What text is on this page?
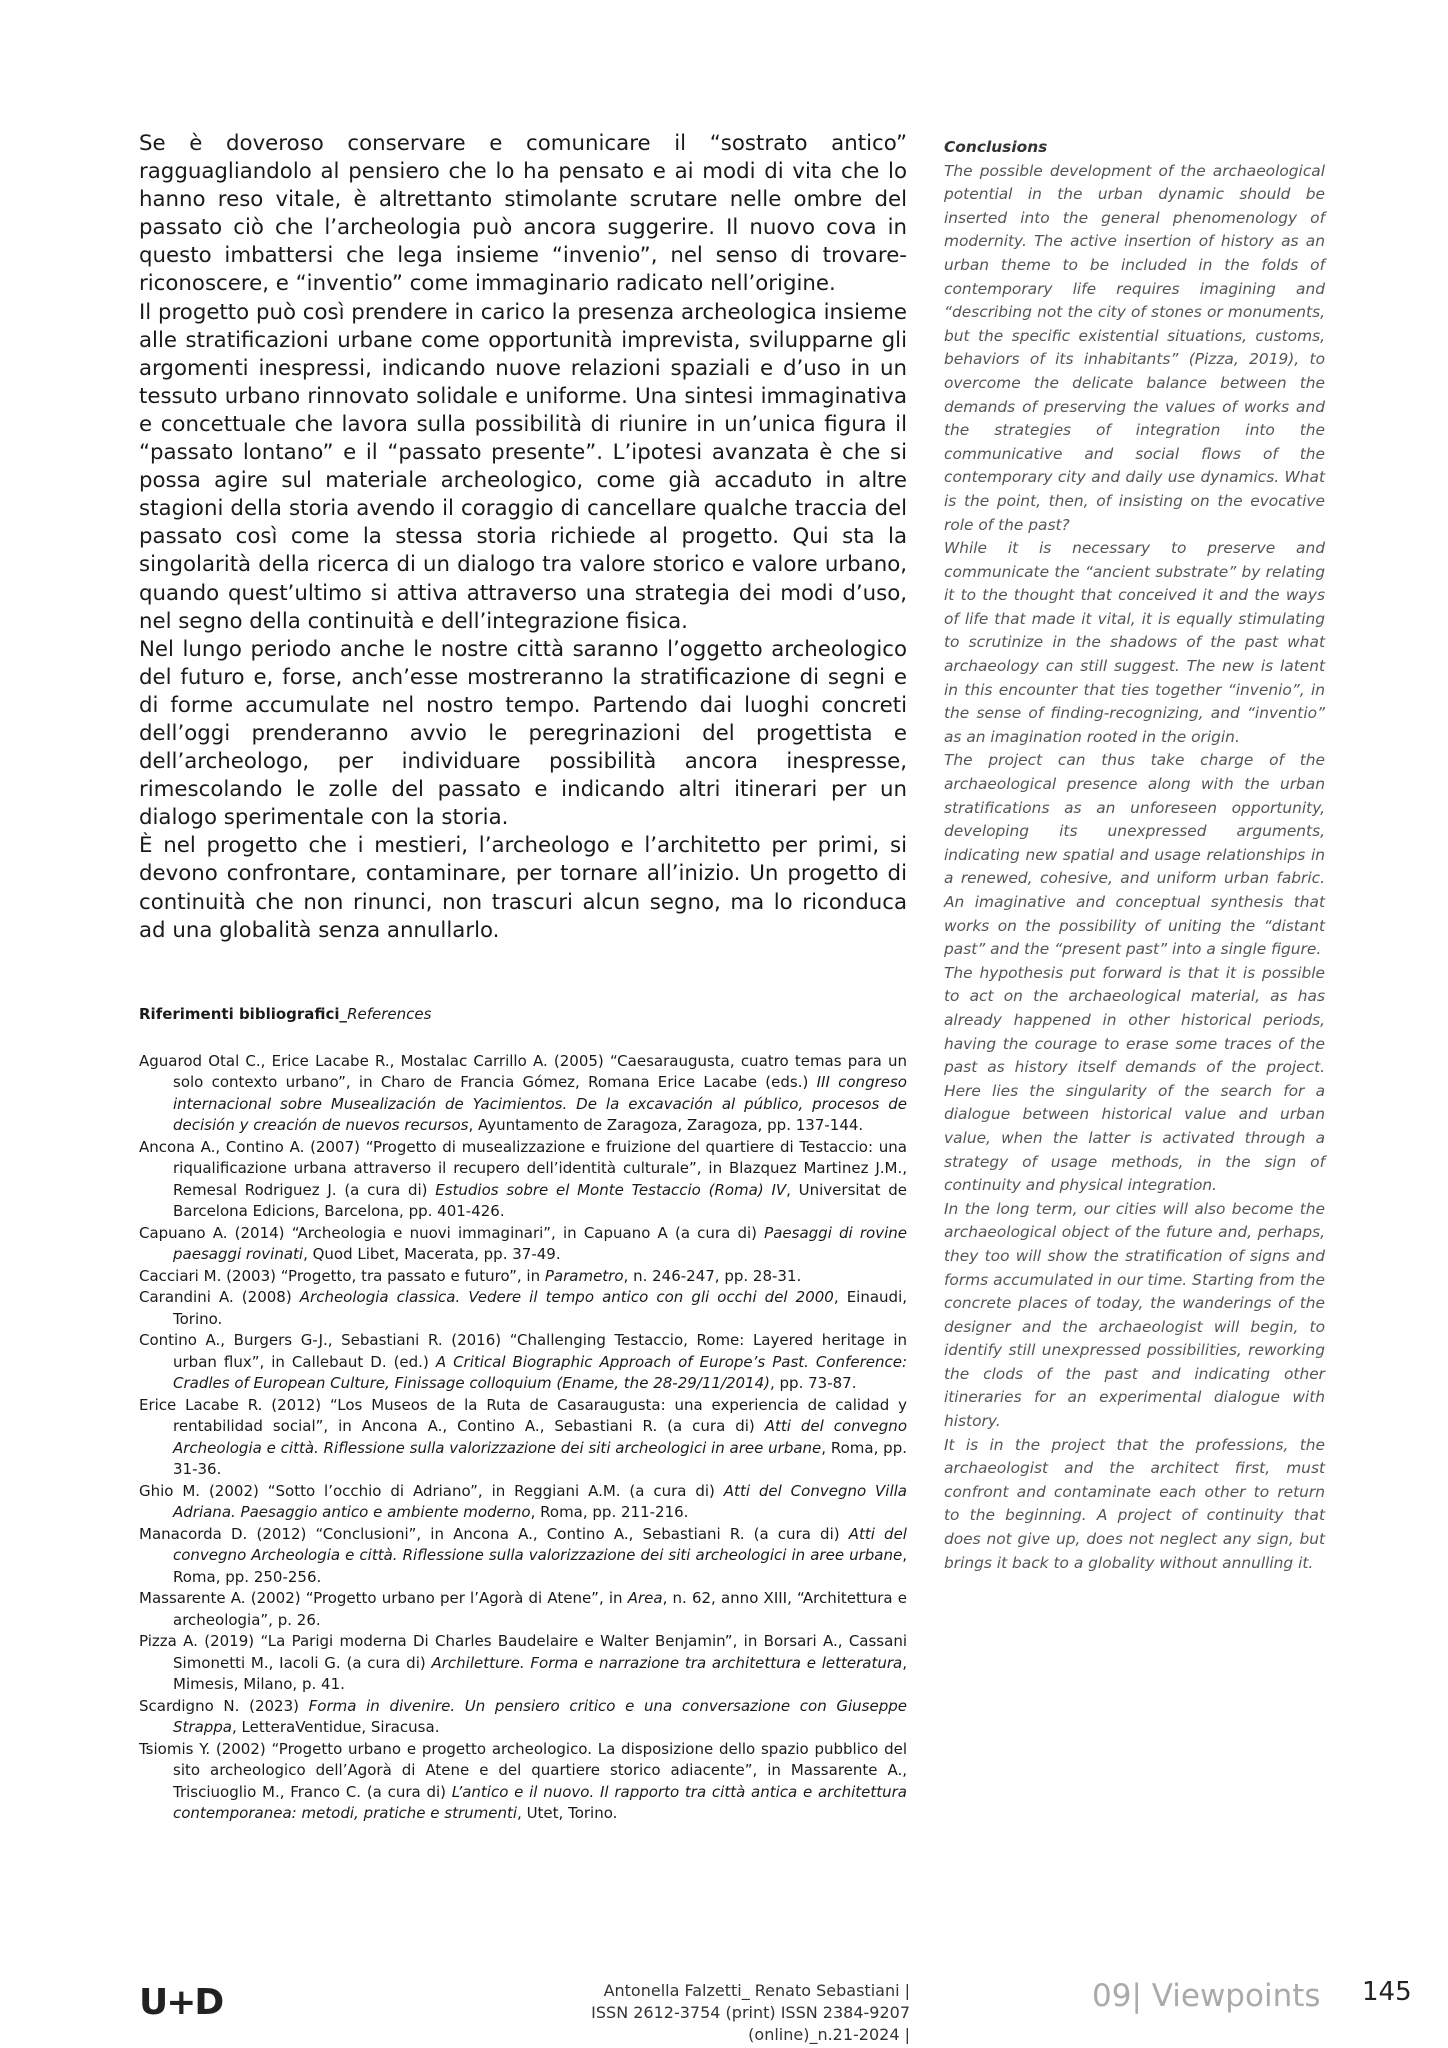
Se è doveroso conservare e comunicare il “sostrato antico” ragguagliandolo al pensiero che lo ha pensato e ai modi di vita che lo hanno reso vitale, è altrettanto stimolante scrutare nelle ombre del passato ciò che l’archeologia può ancora suggerire. Il nuovo cova in questo imbattersi che lega insieme “invenio”, nel senso di trovare-riconoscere, e “inventio” come immaginario radicato nell’origine.

Il progetto può così prendere in carico la presenza archeologica insieme alle stratificazioni urbane come opportunità imprevista, svilupparne gli argomenti inespressi, indicando nuove relazioni spaziali e d’uso in un tessuto urbano rinnovato solidale e uniforme. Una sintesi immaginativa e concettuale che lavora sulla possibilità di riunire in un’unica figura il “passato lontano” e il “passato presente”. L’ipotesi avanzata è che si possa agire sul materiale archeologico, come già accaduto in altre stagioni della storia avendo il coraggio di cancellare qualche traccia del passato così come la stessa storia richiede al progetto. Qui sta la singolarità della ricerca di un dialogo tra valore storico e valore urbano, quando quest’ultimo si attiva attraverso una strategia dei modi d’uso, nel segno della continuità e dell’integrazione fisica.

Nel lungo periodo anche le nostre città saranno l’oggetto archeologico del futuro e, forse, anch’esse mostreranno la stratificazione di segni e di forme accumulate nel nostro tempo. Partendo dai luoghi concreti dell’oggi prenderanno avvio le peregrinazioni del progettista e dell’archeologo, per individuare possibilità ancora inespresse, rimescolando le zolle del passato e indicando altri itinerari per un dialogo sperimentale con la storia.

È nel progetto che i mestieri, l’archeologo e l’architetto per primi, si devono confrontare, contaminare, per tornare all’inizio. Un progetto di continuità che non rinunci, non trascuri alcun segno, ma lo riconduca ad una globalità senza annullarlo.

Riferimenti bibliografici_References

Aguarod Otal C., Erice Lacabe R., Mostalac Carrillo A. (2005) “Caesaraugusta, cuatro temas para un solo contexto urbano”, in Charo de Francia Gómez, Romana Erice Lacabe (eds.) III congreso internacional sobre Musealización de Yacimientos. De la excavación al público, procesos de decisión y creación de nuevos recursos, Ayuntamento de Zaragoza, Zaragoza, pp. 137-144.

Ancona A., Contino A. (2007) “Progetto di musealizzazione e fruizione del quartiere di Testaccio: una riqualificazione urbana attraverso il recupero dell’identità culturale”, in Blazquez Martinez J.M., Remesal Rodriguez J. (a cura di) Estudios sobre el Monte Testaccio (Roma) IV, Universitat de Barcelona Edicions, Barcelona, pp. 401-426.

Capuano A. (2014) “Archeologia e nuovi immaginari”, in Capuano A (a cura di) Paesaggi di rovine paesaggi rovinati, Quod Libet, Macerata, pp. 37-49.

Cacciari M. (2003) “Progetto, tra passato e futuro”, in Parametro, n. 246-247, pp. 28-31.

Carandini A. (2008) Archeologia classica. Vedere il tempo antico con gli occhi del 2000, Einaudi, Torino.

Contino A., Burgers G-J., Sebastiani R. (2016) “Challenging Testaccio, Rome: Layered heritage in urban flux”, in Callebaut D. (ed.) A Critical Biographic Approach of Europe’s Past. Conference: Cradles of European Culture, Finissage colloquium (Ename, the 28-29/11/2014), pp. 73-87.

Erice Lacabe R. (2012) “Los Museos de la Ruta de Casaraugusta: una experiencia de calidad y rentabilidad social”, in Ancona A., Contino A., Sebastiani R. (a cura di) Atti del convegno Archeologia e città. Riflessione sulla valorizzazione dei siti archeologici in aree urbane, Roma, pp. 31-36.

Ghio M. (2002) “Sotto l’occhio di Adriano”, in Reggiani A.M. (a cura di) Atti del Convegno Villa Adriana. Paesaggio antico e ambiente moderno, Roma, pp. 211-216.

Manacorda D. (2012) “Conclusioni”, in Ancona A., Contino A., Sebastiani R. (a cura di) Atti del convegno Archeologia e città. Riflessione sulla valorizzazione dei siti archeologici in aree urbane, Roma, pp. 250-256.

Massarente A. (2002) “Progetto urbano per l’Agorà di Atene”, in Area, n. 62, anno XIII, “Architettura e archeologia”, p. 26.

Pizza A. (2019) “La Parigi moderna Di Charles Baudelaire e Walter Benjamin”, in Borsari A., Cassani Simonetti M., Iacoli G. (a cura di) Archiletture. Forma e narrazione tra architettura e letteratura, Mimesis, Milano, p. 41.

Scardigno N. (2023) Forma in divenire. Un pensiero critico e una conversazione con Giuseppe Strappa, LetteraVentidue, Siracusa.

Tsiomis Y. (2002) “Progetto urbano e progetto archeologico. La disposizione dello spazio pubblico del sito archeologico dell’Agorà di Atene e del quartiere storico adiacente”, in Massarente A., Trisciuoglio M., Franco C. (a cura di) L’antico e il nuovo. Il rapporto tra città antica e architettura contemporanea: metodi, pratiche e strumenti, Utet, Torino.

Conclusions

The possible development of the archaeological potential in the urban dynamic should be inserted into the general phenomenology of modernity. The active insertion of history as an urban theme to be included in the folds of contemporary life requires imagining and “describing not the city of stones or monuments, but the specific existential situations, customs, behaviors of its inhabitants” (Pizza, 2019), to overcome the delicate balance between the demands of preserving the values of works and the strategies of integration into the communicative and social flows of the contemporary city and daily use dynamics. What is the point, then, of insisting on the evocative role of the past?

While it is necessary to preserve and communicate the “ancient substrate” by relating it to the thought that conceived it and the ways of life that made it vital, it is equally stimulating to scrutinize in the shadows of the past what archaeology can still suggest. The new is latent in this encounter that ties together “invenio”, in the sense of finding-recognizing, and “inventio” as an imagination rooted in the origin.

The project can thus take charge of the archaeological presence along with the urban stratifications as an unforeseen opportunity, developing its unexpressed arguments, indicating new spatial and usage relationships in a renewed, cohesive, and uniform urban fabric. An imaginative and conceptual synthesis that works on the possibility of uniting the “distant past” and the “present past” into a single figure.

The hypothesis put forward is that it is possible to act on the archaeological material, as has already happened in other historical periods, having the courage to erase some traces of the past as history itself demands of the project. Here lies the singularity of the search for a dialogue between historical value and urban value, when the latter is activated through a strategy of usage methods, in the sign of continuity and physical integration.

In the long term, our cities will also become the archaeological object of the future and, perhaps, they too will show the stratification of signs and forms accumulated in our time. Starting from the concrete places of today, the wanderings of the designer and the archaeologist will begin, to identify still unexpressed possibilities, reworking the clods of the past and indicating other itineraries for an experimental dialogue with history.

It is in the project that the professions, the archaeologist and the architect first, must confront and contaminate each other to return to the beginning. A project of continuity that does not give up, does not neglect any sign, but brings it back to a globality without annulling it.

U+D	Antonella Falzetti_ Renato Sebastiani |
ISSN 2612-3754 (print) ISSN 2384-9207 (online)_n.21-2024 |
09| Viewpoints 145
